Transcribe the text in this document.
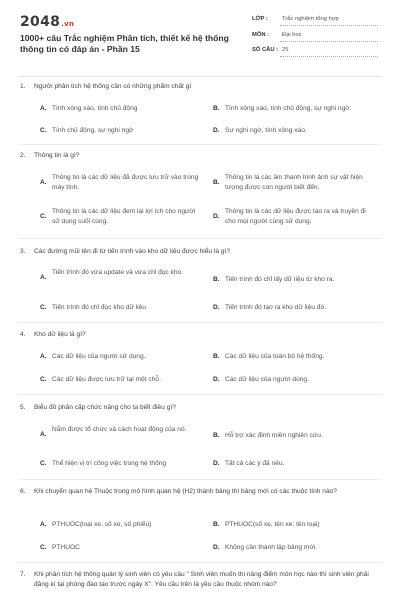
2048.vn
1000+ câu Trắc nghiệm Phân tích, thiết kế hệ thống thông tin có đáp án - Phần 15
LỚP : Trắc nghiệm tổng hợp
MÔN : Đại học
SỐ CÂU : 25
1. Người phân tích hệ thống cần có những phẩm chất gì
A. Tính xông xáo, tính chủ động	B. Tính xông xáo, tính chủ động, sự nghi ngờ.
C. Tính chủ động, sự nghi ngờ	D. Sự nghi ngờ, tính xông xáo.
2. Thông tin là gì?
A.
Thông tin là các dữ liệu đã được lưu trữ vào trong máy tính.
B.
Thông tin là các âm thanh hình ảnh sự vật hiện tượng được con người biết đến.
C.
Thông tin là các dữ liệu đem lại lợi ích cho người sử dụng cuối cùng.
D.
Thông tin là các dữ liệu được tạo ra và truyền đi cho mọi người cùng sử dụng.
3. Các đường mũi tên đi từ tiến trình vào kho dữ liệu được hiểu là gì?
A.
Tiến trình đó vừa update và vừa chỉ đọc kho.
B. Tiến trình đó chỉ lấy dữ liệu từ kho ra.
C. Tiến trình đó chỉ đọc kho dữ liệu	D. Tiến trình đó tạo ra kho dữ liệu đó.
4. Kho dữ liệu là gì?
A. Các dữ liệu của người sử dụng.	B. Các dữ liệu của toàn bộ hệ thống.
C. Các dữ liệu được lưu trữ tại một chỗ .	D. Các dữ liệu của người dùng.
5. Biểu đồ phân cấp chức năng cho ta biết điều gì?
A.
Nắm được tổ chức và cách hoạt động của nó.
B. Hỗ trợ xác định miền nghiên cứu.
C. Thể hiện vị trí công việc trong hệ thống	D. Tất cả các ý đã nêu.
6. Khi chuyển quan hệ Thuộc trong mô hình quan hệ (H2) thành bảng thì bảng mới có các thuộc tính nào?
A. PTHUOC(loại xe, số xe, số phiếu)	B. PTHUOC(số xe, tên xe, tên loại)
C. PTHUOC	D. Không cần thành lập bảng mới.
7. Khi phân tích hệ thống quản lý sinh viên có yêu cầu " Sinh viên muốn thi nâng điểm môn học nào thì sinh viên phải đăng kí tại phòng đào tạo trước ngày X". Yêu cầu trên là yêu cầu thuộc nhóm nào?
